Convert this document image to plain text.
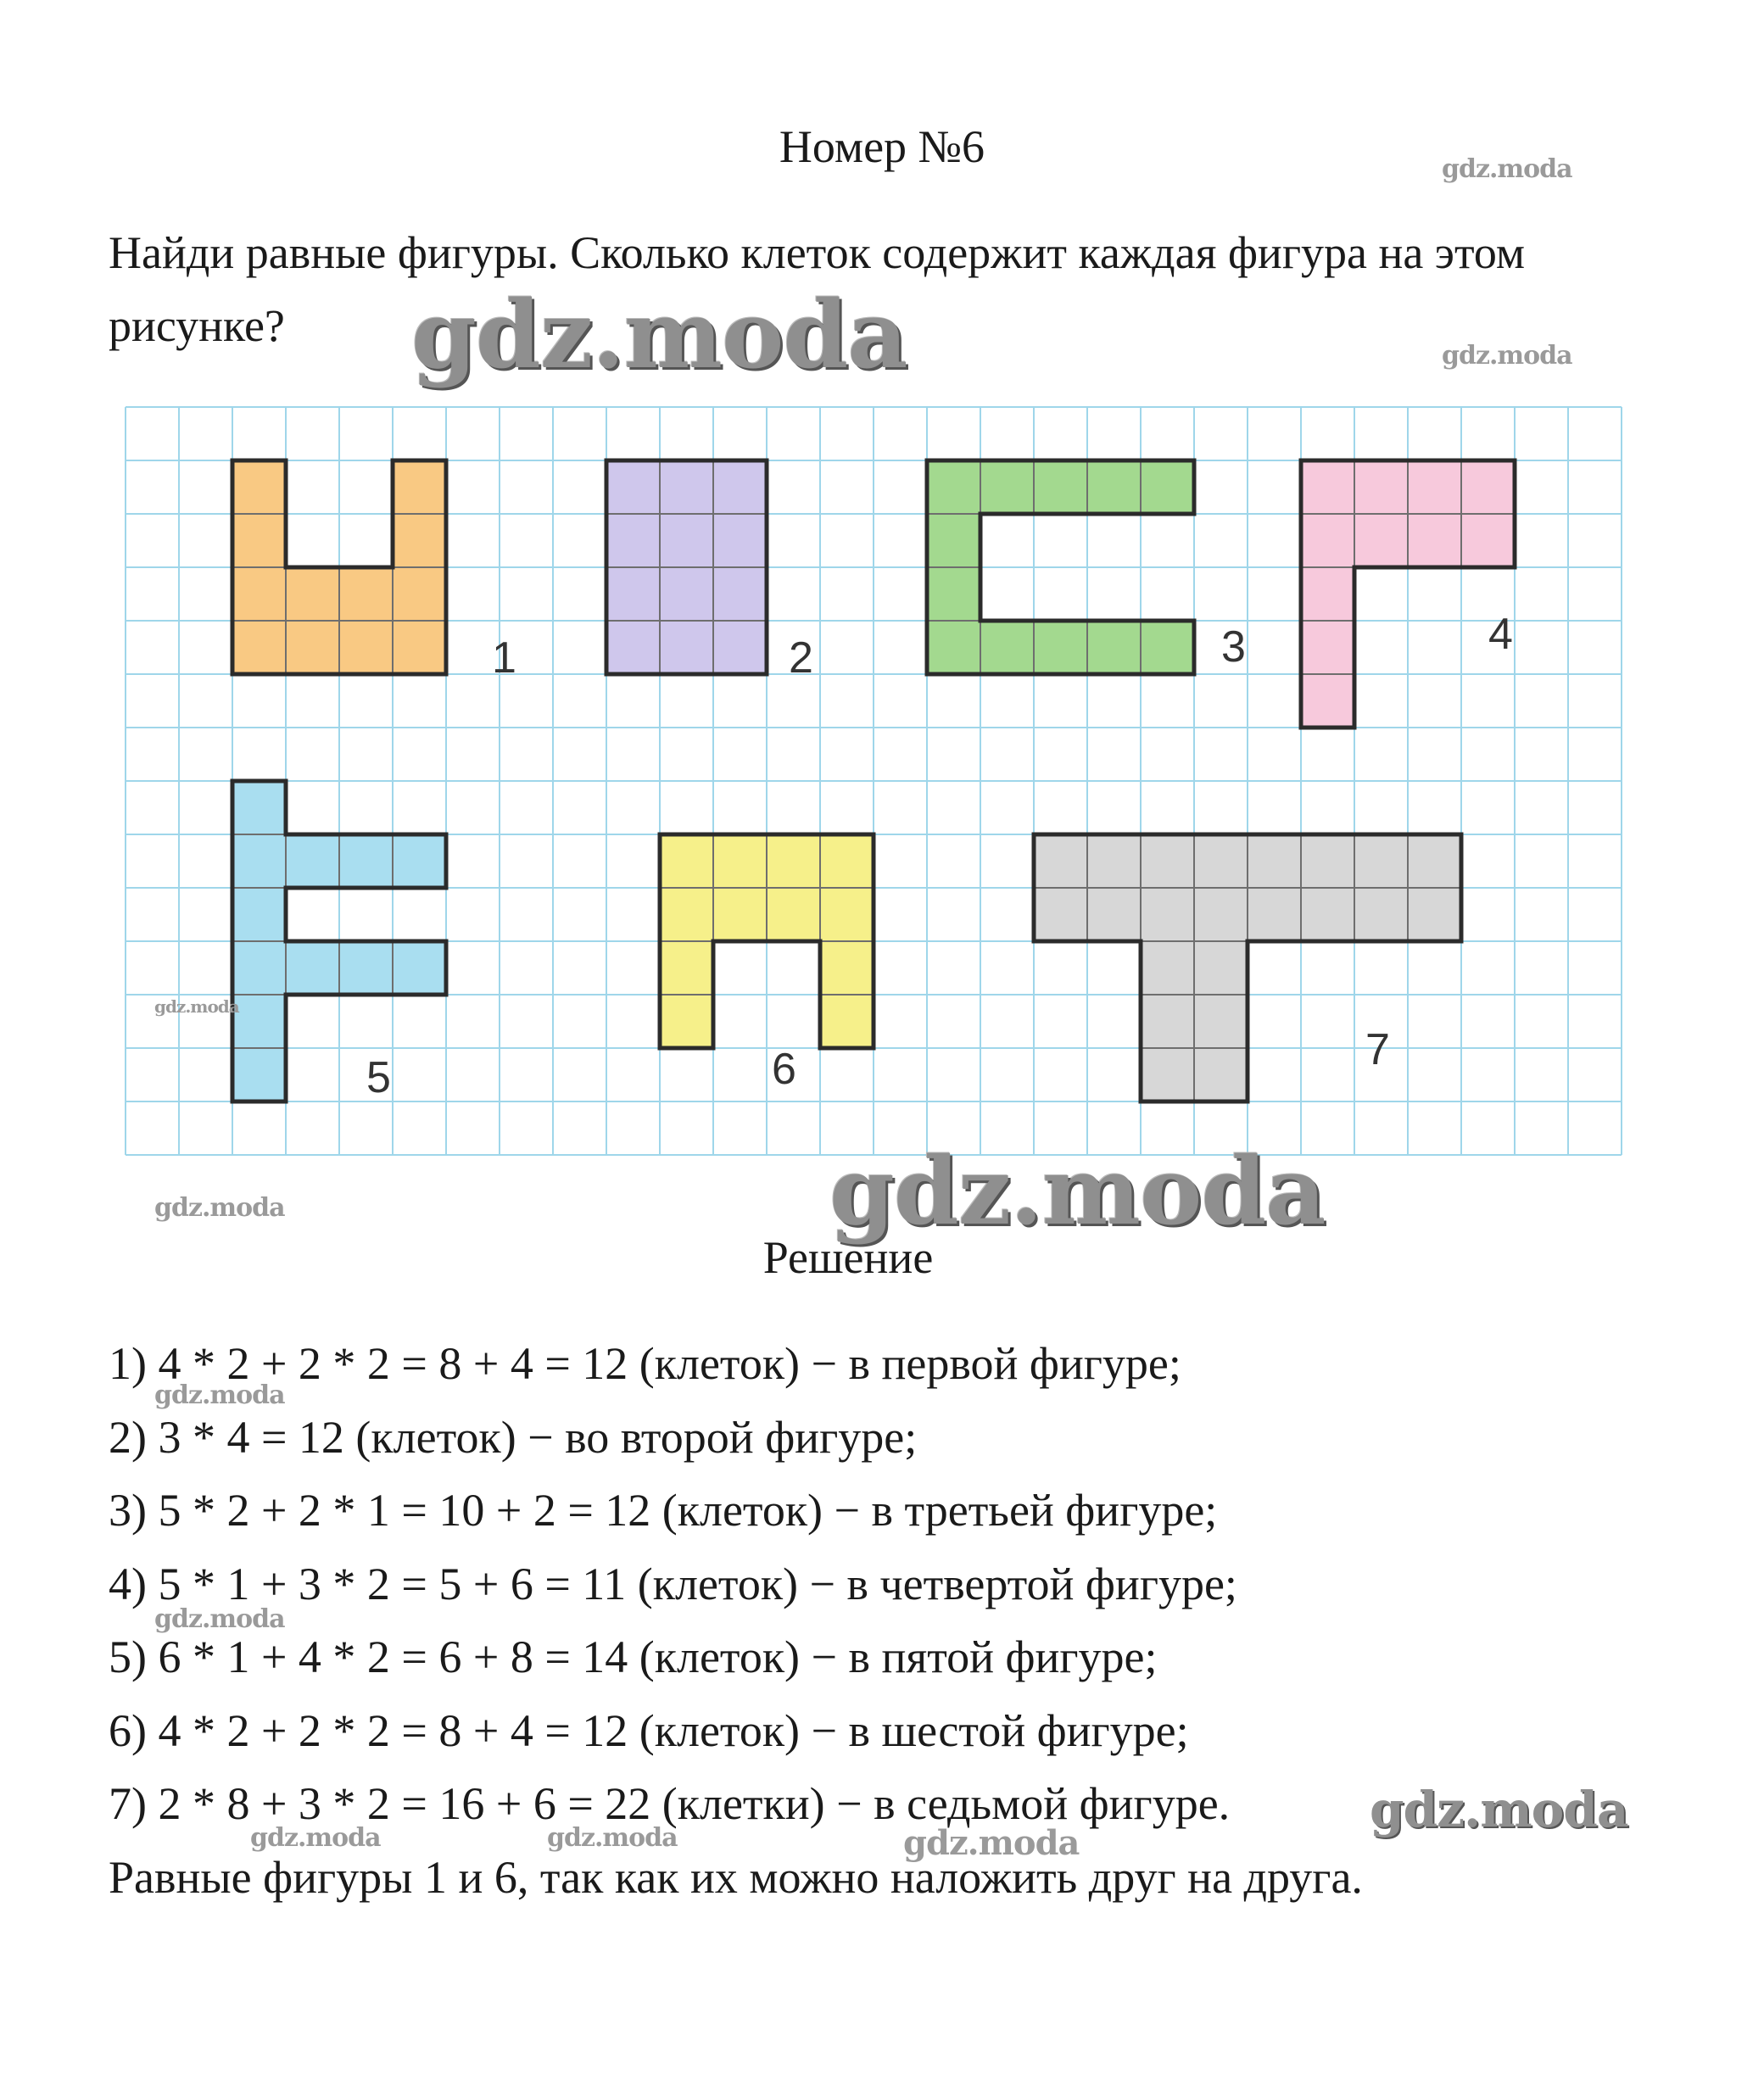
Номер №6
Найди равные фигуры. Сколько клеток содержит каждая фигура на этом рисунке?
1	2	3	4
5	6	7
Решение
1) 4 * 2 + 2 * 2 = 8 + 4 = 12 (клеток) − в первой фигуре;
2) 3 * 4 = 12 (клеток) − во второй фигуре;
3) 5 * 2 + 2 * 1 = 10 + 2 = 12 (клеток) − в третьей фигуре;
4) 5 * 1 + 3 * 2 = 5 + 6 = 11 (клеток) − в четвертой фигуре;
5) 6 * 1 + 4 * 2 = 6 + 8 = 14 (клеток) − в пятой фигуре;
6) 4 * 2 + 2 * 2 = 8 + 4 = 12 (клеток) − в шестой фигуре;
7) 2 * 8 + 3 * 2 = 16 + 6 = 22 (клетки) − в седьмой фигуре.
Равные фигуры 1 и 6, так как их можно наложить друг на друга.
gdz.moda
gdz.moda	gdz.moda
gdz.moda
gdz.moda	gdz.moda
gdz.moda
gdz.moda
gdz.moda
gdz.moda	gdz.moda	gdz.moda
